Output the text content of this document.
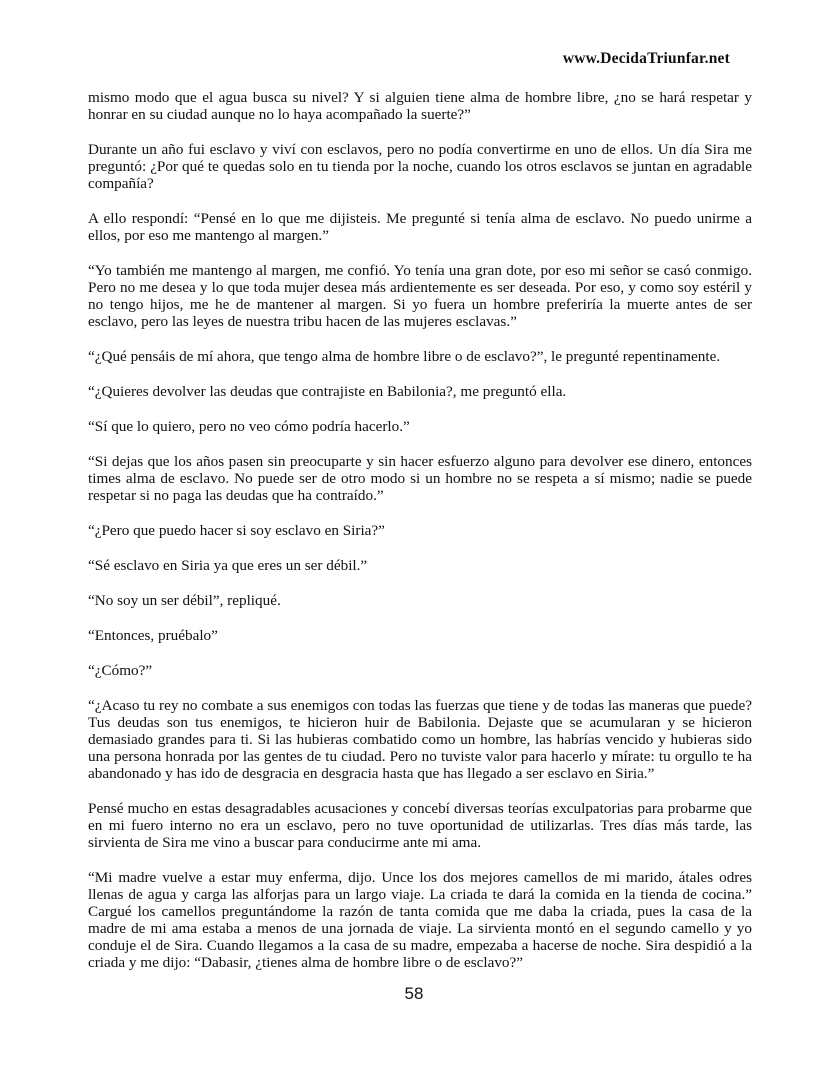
www.DecidaTriunfar.net

mismo modo que el agua busca su nivel? Y si alguien tiene alma de hombre libre, ¿no se hará respetar y honrar en su ciudad aunque no lo haya acompañado la suerte?”

Durante un año fui esclavo y viví con esclavos, pero no podía convertirme en uno de ellos. Un día Sira me preguntó: ¿Por qué te quedas solo en tu tienda por la noche, cuando los otros esclavos se juntan en agradable compañía?

A ello respondí: “Pensé en lo que me dijisteis. Me pregunté si tenía alma de esclavo. No puedo unirme a ellos, por eso me mantengo al margen.”

“Yo también me mantengo al margen, me confió. Yo tenía una gran dote, por eso mi señor se casó conmigo. Pero no me desea y lo que toda mujer desea más ardientemente es ser deseada. Por eso, y como soy estéril y no tengo hijos, me he de mantener al margen. Si yo fuera un hombre preferiría la muerte antes de ser esclavo, pero las leyes de nuestra tribu hacen de las mujeres esclavas.”

“¿Qué pensáis de mí ahora, que tengo alma de hombre libre o de esclavo?”, le pregunté repentinamente.

“¿Quieres devolver las deudas que contrajiste en Babilonia?, me preguntó ella.

“Sí que lo quiero, pero no veo cómo podría hacerlo.”

“Si dejas que los años pasen sin preocuparte y sin hacer esfuerzo alguno para devolver ese dinero, entonces times alma de esclavo. No puede ser de otro modo si un hombre no se respeta a sí mismo; nadie se puede respetar si no paga las deudas que ha contraído.”

“¿Pero que puedo hacer si soy esclavo en Siria?”

“Sé esclavo en Siria ya que eres un ser débil.”

“No soy un ser débil”, repliqué.

“Entonces, pruébalo”

“¿Cómo?”

“¿Acaso tu rey no combate a sus enemigos con todas las fuerzas que tiene y de todas las maneras que puede? Tus deudas son tus enemigos, te hicieron huir de Babilonia. Dejaste que se acumularan y se hicieron demasiado grandes para ti. Si las hubieras combatido como un hombre, las habrías vencido y hubieras sido una persona honrada por las gentes de tu ciudad. Pero no tuviste valor para hacerlo y mírate: tu orgullo te ha abandonado y has ido de desgracia en desgracia hasta que has llegado a ser esclavo en Siria.”

Pensé mucho en estas desagradables acusaciones y concebí diversas teorías exculpatorias para probarme que en mi fuero interno no era un esclavo, pero no tuve oportunidad de utilizarlas. Tres días más tarde, las sirvienta de Sira me vino a buscar para conducirme ante mi ama.

“Mi madre vuelve a estar muy enferma, dijo. Unce los dos mejores camellos de mi marido, átales odres llenas de agua y carga las alforjas para un largo viaje. La criada te dará la comida en la tienda de cocina.” Cargué los camellos preguntándome la razón de tanta comida que me daba la criada, pues la casa de la madre de mi ama estaba a menos de una jornada de viaje. La sirvienta montó en el segundo camello y yo conduje el de Sira. Cuando llegamos a la casa de su madre, empezaba a hacerse de noche. Sira despidió a la criada y me dijo: “Dabasir, ¿tienes alma de hombre libre o de esclavo?”

58
